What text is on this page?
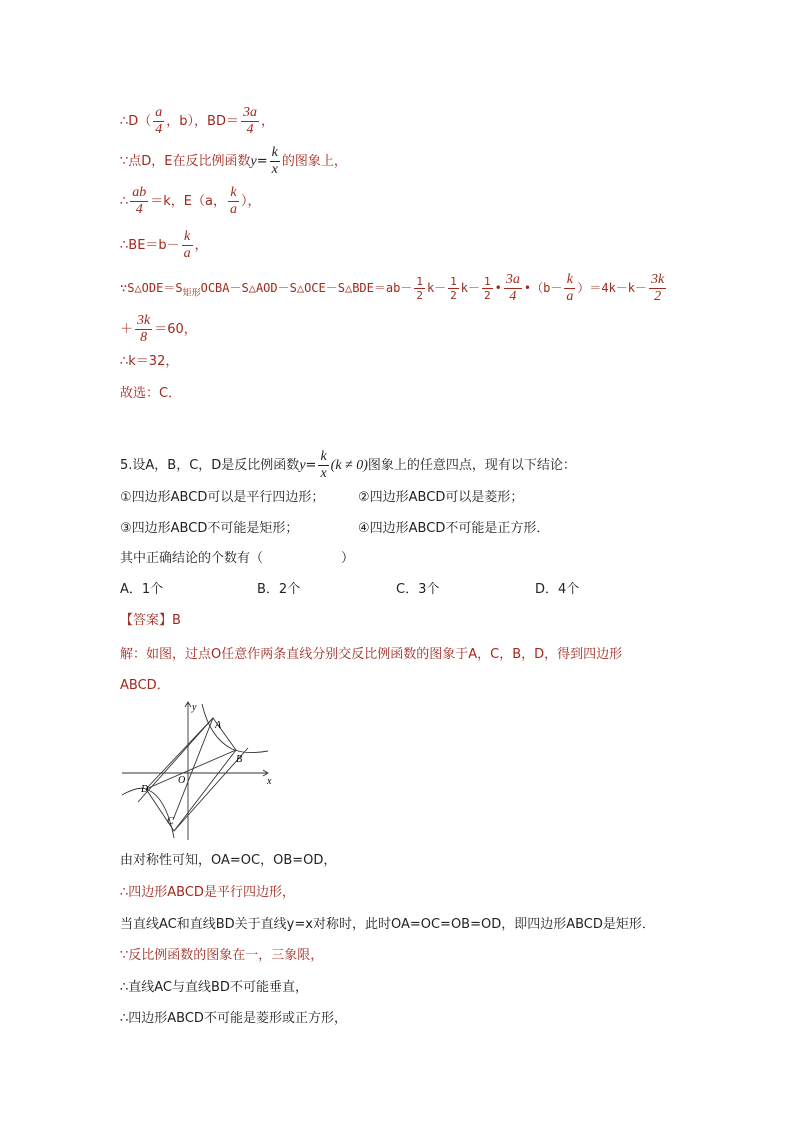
∴D（ $\frac{a}{4}$ ，b），$BD= \frac{3a}{4}$ ，
∵点D，E在反比例函数$y= \frac{k}{x}$ 的图象上，
∴ $\frac{ab}{4} =k$，E（a， $\frac{k}{a}$ ），
∴BE＝b－ $\frac{k}{a}$ ，
$\because S\triangle ODE=S_{矩形}OCBA-S\triangle AOD-S\triangle OCE-S\triangle BDE=ab- \frac{1}{2} k- \frac{1}{2} k- \frac{1}{2}$ • $\frac{3a}{4}$ •（b－ $\frac{k}{a} )=4k-k- \frac{3k}{2}$
＋ $\frac{3k}{8} =60$，
∴k＝32，
故选：C．
5.设A，B，C，D是反比例函数$y= \frac{k}{x} (k \ne 0)$图象上的任意四点，现有以下结论：
①四边形ABCD可以是平行四边形；	②四边形ABCD可以是菱形；
③四边形ABCD不可能是矩形；	④四边形ABCD不可能是正方形．
其中正确结论的个数有（　　　　　　）
A．1个	B．2个	C．3个	D．4个
【答案】B
解：如图，过点O任意作两条直线分别交反比例函数的图象于A，C，B，D，得到四边形
ABCD．
y
x
A
B
C
D
O
由对称性可知，OA=OC，OB=OD，
∴四边形ABCD是平行四边形，
当直线AC和直线BD关于直线y=x对称时，此时OA=OC=OB=OD，即四边形ABCD是矩形．
∵反比例函数的图象在一，三象限，
∴直线AC与直线BD不可能垂直，
∴四边形ABCD不可能是菱形或正方形，
